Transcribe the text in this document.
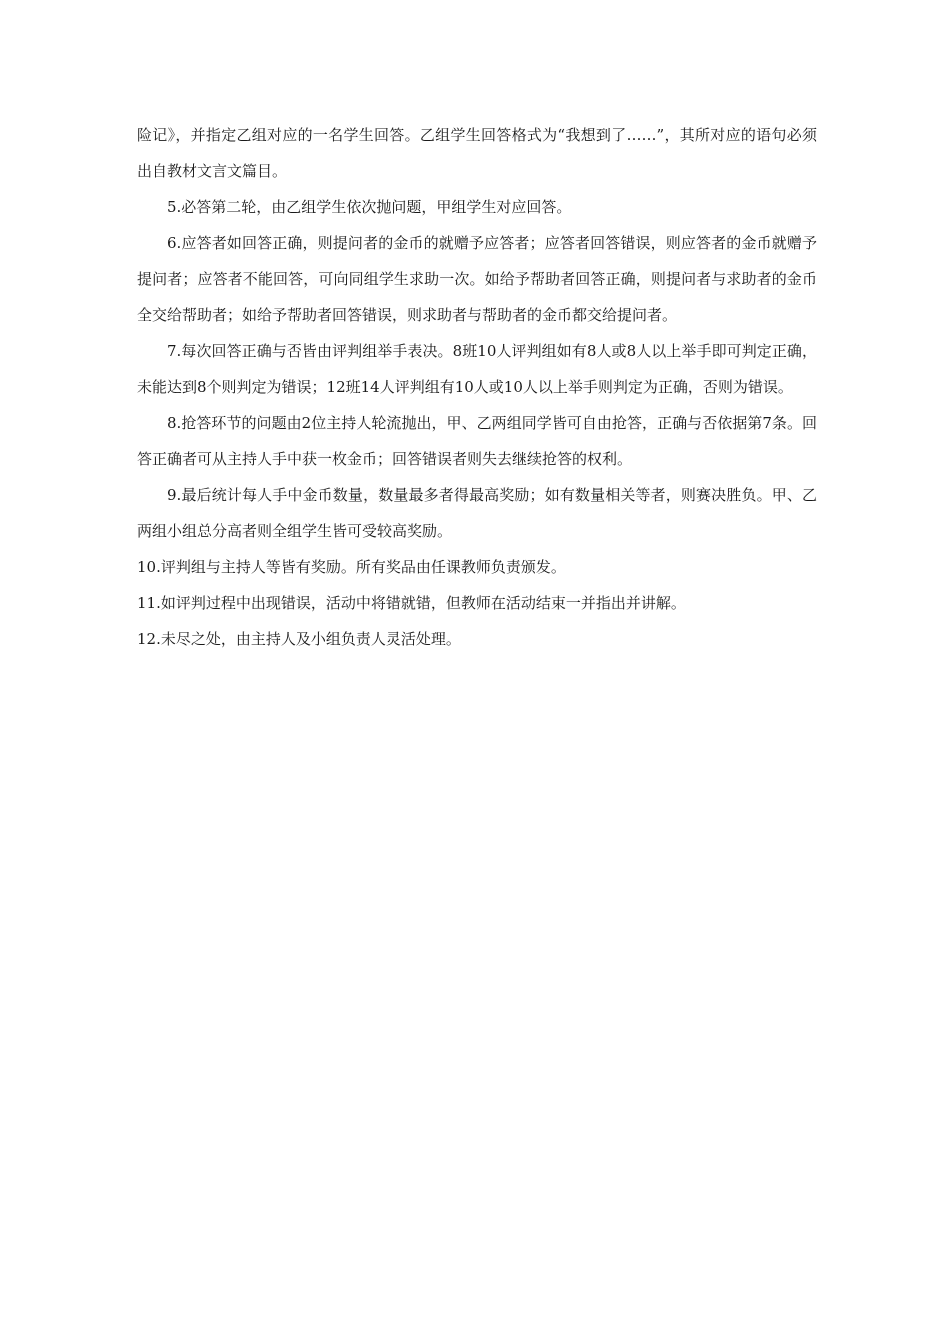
险记》，并指定乙组对应的一名学生回答。乙组学生回答格式为“我想到了……”，其所对应的语句必须出自教材文言文篇目。

5.必答第二轮，由乙组学生依次抛问题，甲组学生对应回答。

6.应答者如回答正确，则提问者的金币的就赠予应答者；应答者回答错误，则应答者的金币就赠予提问者；应答者不能回答，可向同组学生求助一次。如给予帮助者回答正确，则提问者与求助者的金币全交给帮助者；如给予帮助者回答错误，则求助者与帮助者的金币都交给提问者。

7.每次回答正确与否皆由评判组举手表决。8班10人评判组如有8人或8人以上举手即可判定正确，未能达到8个则判定为错误；12班14人评判组有10人或10人以上举手则判定为正确，否则为错误。

8.抢答环节的问题由2位主持人轮流抛出，甲、乙两组同学皆可自由抢答，正确与否依据第7条。回答正确者可从主持人手中获一枚金币；回答错误者则失去继续抢答的权利。

9.最后统计每人手中金币数量，数量最多者得最高奖励；如有数量相关等者，则赛决胜负。甲、乙两组小组总分高者则全组学生皆可受较高奖励。

10.评判组与主持人等皆有奖励。所有奖品由任课教师负责颁发。

11.如评判过程中出现错误，活动中将错就错，但教师在活动结束一并指出并讲解。

12.未尽之处，由主持人及小组负责人灵活处理。
